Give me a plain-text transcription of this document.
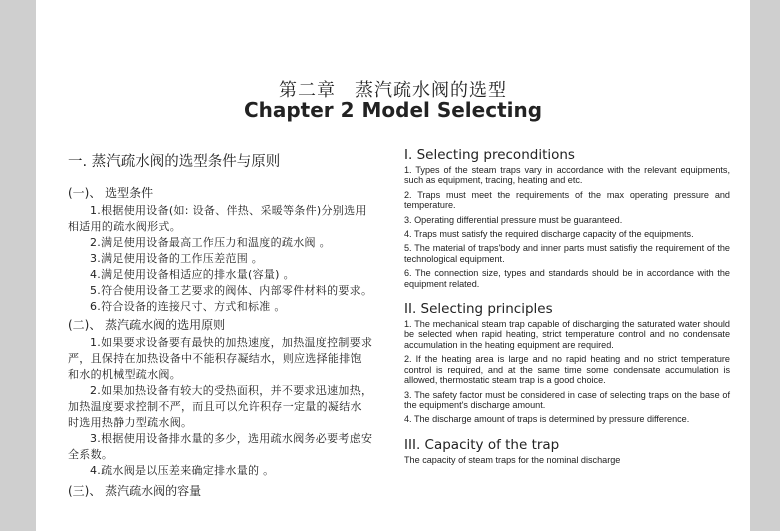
第二章　蒸汽疏水阀的选型
Chapter 2 Model Selecting
一. 蒸汽疏水阀的选型条件与原则
(一)、 选型条件

1.根据使用设备(如: 设备、伴热、采暖等条件)分别选用相适用的疏水阀形式。

2.满足使用设备最高工作压力和温度的疏水阀 。

3.满足使用设备的工作压差范围 。

4.满足使用设备相适应的排水量(容量) 。

5.符合使用设备工艺要求的阀体、内部零件材料的要求。

6.符合设备的连接尺寸、方式和标准 。

(二)、 蒸汽疏水阀的选用原则

1.如果要求设备要有最快的加热速度，加热温度控制要求严，且保持在加热设备中不能积存凝结水，则应选择能排饱和水的机械型疏水阀。

2.如果加热设备有较大的受热面积，并不要求迅速加热，加热温度要求控制不严，而且可以允许积存一定量的凝结水时选用热静力型疏水阀。

3.根据使用设备排水量的多少，选用疏水阀务必要考虑安全系数。

4.疏水阀是以压差来确定排水量的 。

(三)、 蒸汽疏水阀的容量
I. Selecting preconditions

1. Types of the steam traps vary in accordance with the relevant equipments, such as equipment, tracing, heating and etc.

2. Traps must meet the requirements of the max operating pressure and temperature.

3. Operating differential pressure must be guaranteed.

4. Traps must satisfy the required discharge capacity of the equipments.

5. The material of traps'body and inner parts must satisfiy the requirement of the technological equipment.

6. The connection size, types and standards should be in accordance with the equipment related.

II. Selecting principles

1. The mechanical steam trap capable of discharging the saturated water should be selected when rapid heating, strict temperature control and no condensate accumulation in the heating equipment are required.

2. If the heating area is large and no rapid heating and no strict temperature control is required, and at the same time some condensate accumulation is allowed, thermostatic steam trap is a good choice.

3. The safety factor must be considered in case of selecting traps on the base of the equipment's discharge amount.

4. The discharge amount of traps is determined by pressure difference.

III. Capacity of the trap

The capacity of steam traps for the nominal discharge
